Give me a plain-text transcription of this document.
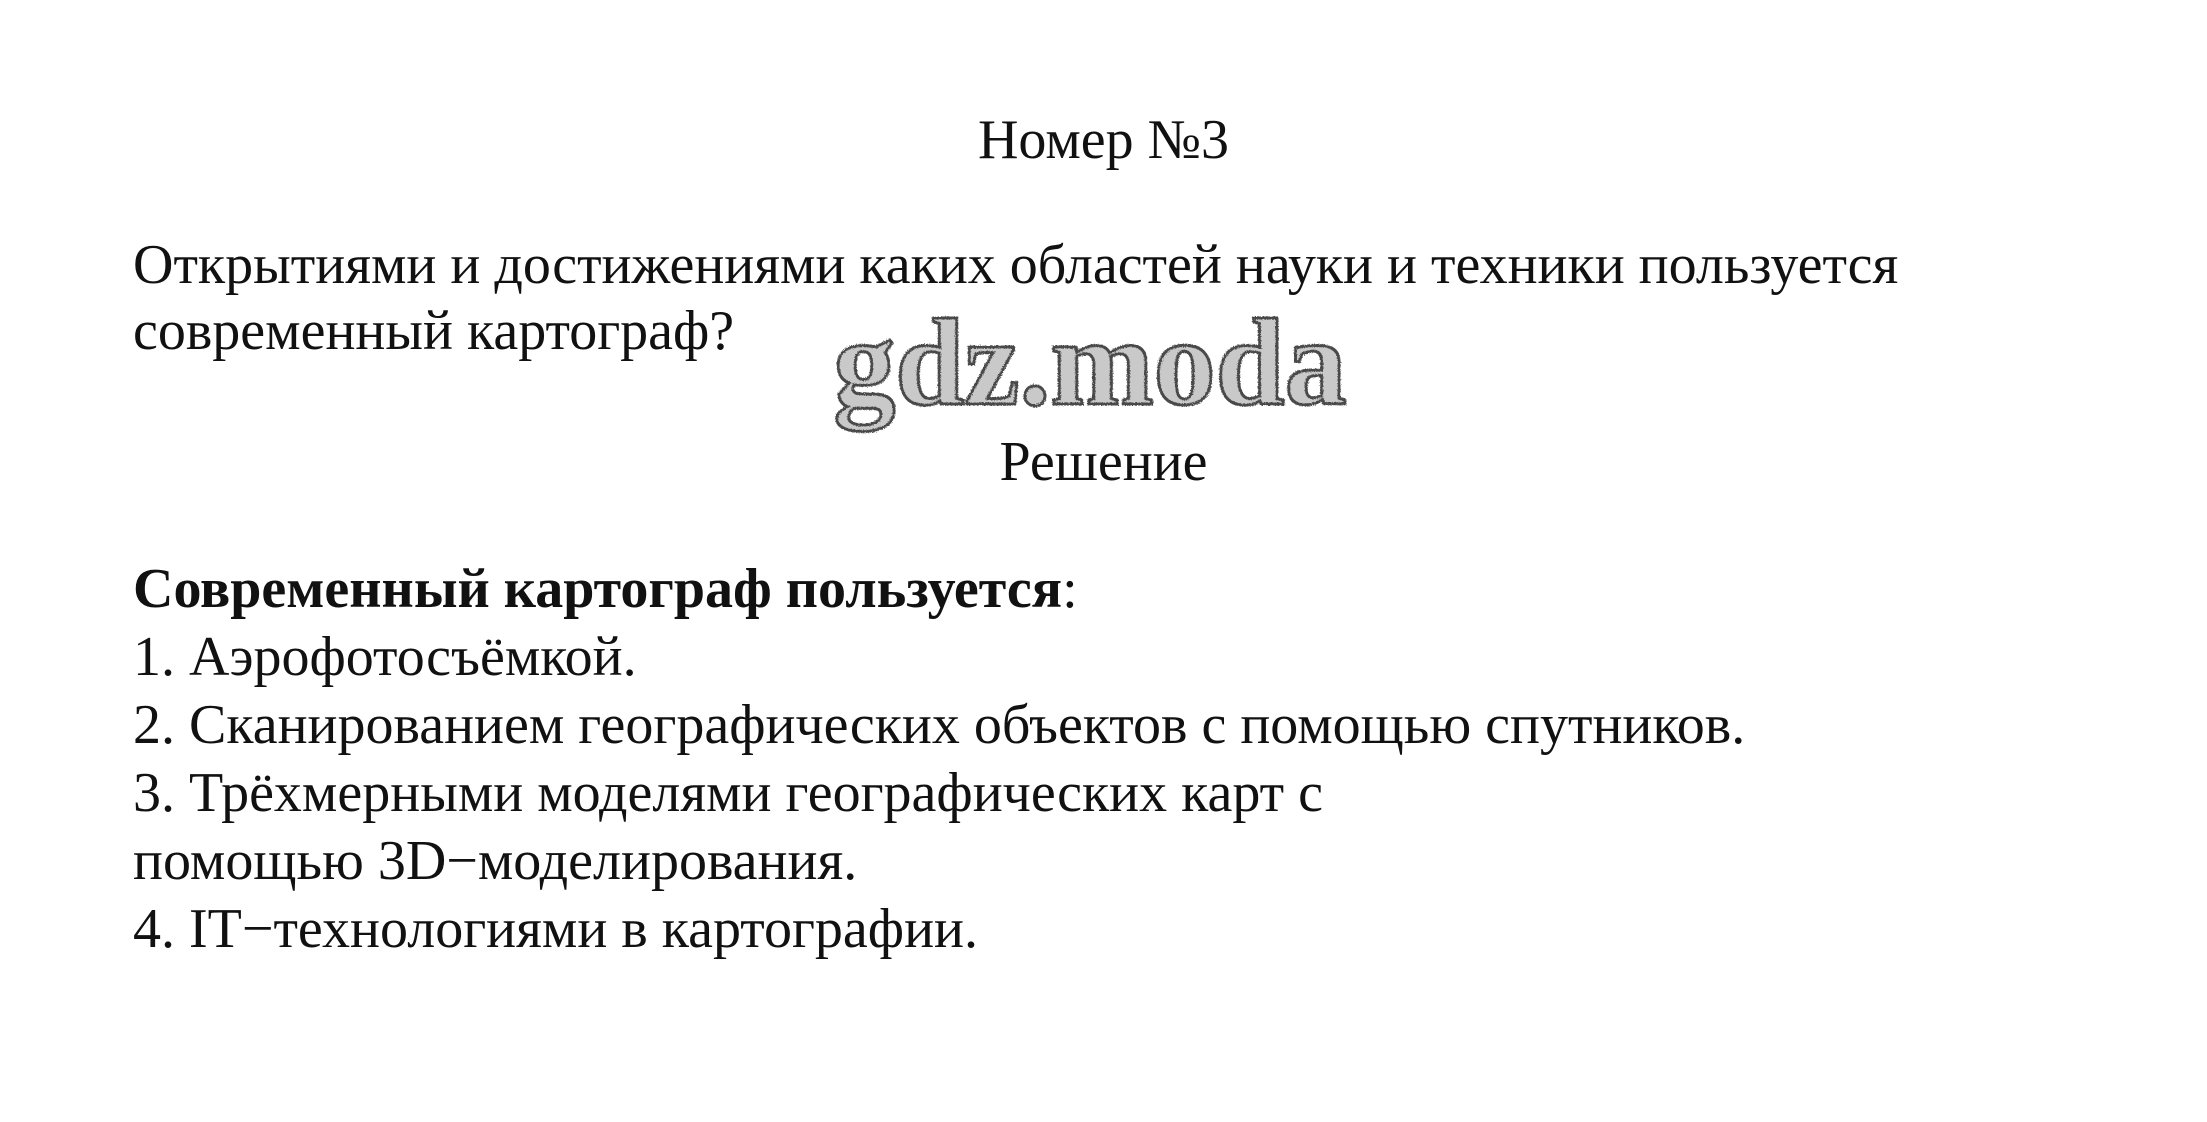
Номер №3
Открытиями и достижениями каких областей науки и техники пользуется
современный картограф? gdz.moda
Решение
Современный картограф пользуется:
1. Аэрофотосъёмкой.
2. Сканированием географических объектов с помощью спутников.
3. Трёхмерными моделями географических карт с
помощью 3D−моделирования.
4. IT−технологиями в картографии.
